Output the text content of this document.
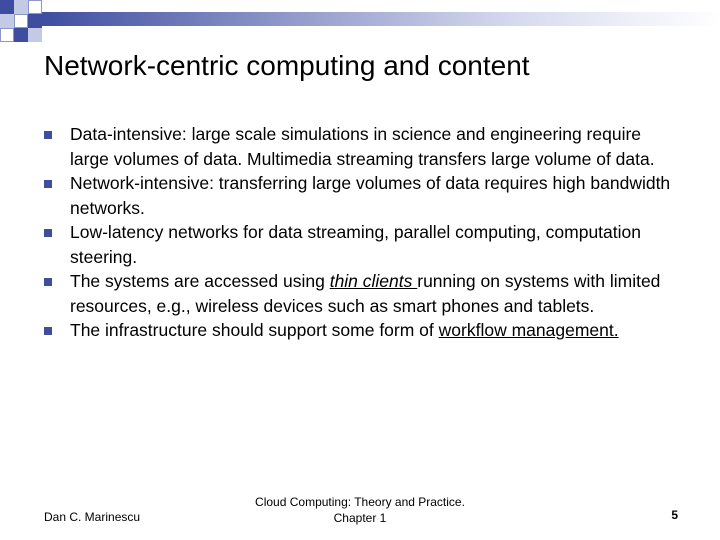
Network-centric computing and content
Data-intensive: large scale simulations in science and engineering require large volumes of data. Multimedia streaming transfers large volume of data.
Network-intensive: transferring large volumes of data requires high bandwidth networks.
Low-latency networks for data streaming, parallel computing, computation steering.
The systems are accessed using thin clients running on systems with limited resources, e.g., wireless devices such as smart phones and tablets.
The infrastructure should support some form of workflow management.
Dan C. Marinescu
Cloud Computing: Theory and Practice.
Chapter 1	5
